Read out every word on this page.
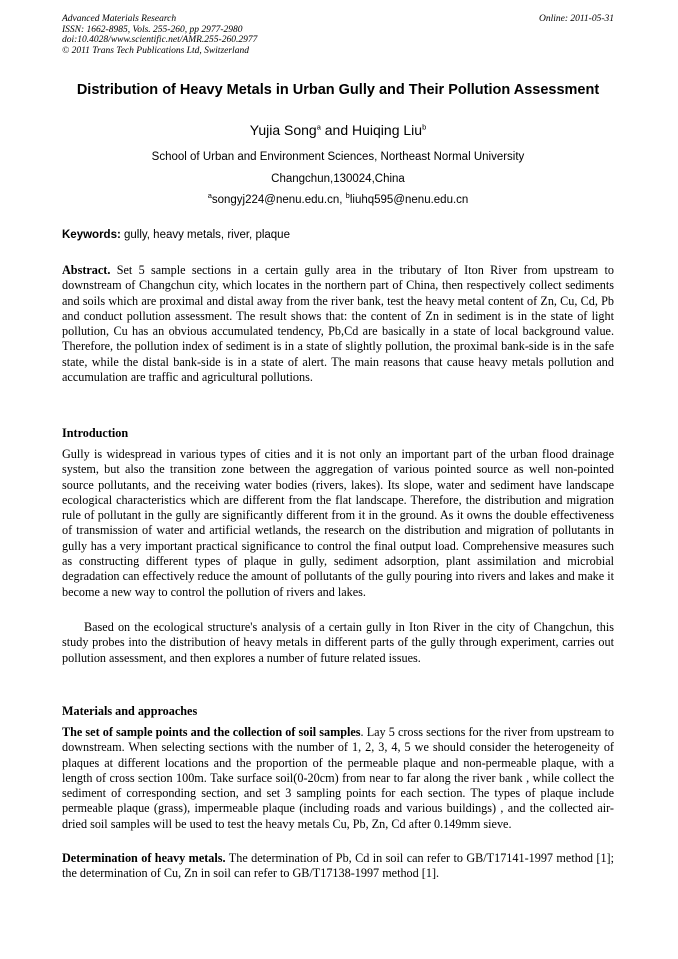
Advanced Materials Research
ISSN: 1662-8985, Vols. 255-260, pp 2977-2980
doi:10.4028/www.scientific.net/AMR.255-260.2977
© 2011 Trans Tech Publications Ltd, Switzerland
Online: 2011-05-31
Distribution of Heavy Metals in Urban Gully and Their Pollution Assessment
Yujia Song$^a$ and Huiqing Liu$^b$
School of Urban and Environment Sciences, Northeast Normal University
Changchun,130024,China
$^a$songyj224@nenu.edu.cn, $^b$liuhq595@nenu.edu.cn
Keywords: gully, heavy metals, river, plaque
Abstract. Set 5 sample sections in a certain gully area in the tributary of Iton River from upstream to downstream of Changchun city, which locates in the northern part of China, then respectively collect sediments and soils which are proximal and distal away from the river bank, test the heavy metal content of Zn, Cu, Cd, Pb and conduct pollution assessment. The result shows that: the content of Zn in sediment is in the state of light pollution, Cu has an obvious accumulated tendency, Pb,Cd are basically in a state of local background value. Therefore, the pollution index of sediment is in a state of slightly pollution, the proximal bank-side is in the safe state, while the distal bank-side is in a state of alert. The main reasons that cause heavy metals pollution and accumulation are traffic and agricultural pollutions.
Introduction
Gully is widespread in various types of cities and it is not only an important part of the urban flood drainage system, but also the transition zone between the aggregation of various pointed source as well non-pointed source pollutants, and the receiving water bodies (rivers, lakes). Its slope, water and sediment have landscape ecological characteristics which are different from the flat landscape. Therefore, the distribution and migration rule of pollutant in the gully are significantly different from it in the ground. As it owns the double effectiveness of transmission of water and artificial wetlands, the research on the distribution and migration of pollutants in gully has a very important practical significance to control the final output load. Comprehensive measures such as constructing different types of plaque in gully, sediment adsorption, plant assimilation and microbial degradation can effectively reduce the amount of pollutants of the gully pouring into rivers and lakes and make it become a new way to control the pollution of rivers and lakes.
Based on the ecological structure's analysis of a certain gully in Iton River in the city of Changchun, this study probes into the distribution of heavy metals in different parts of the gully through experiment, carries out pollution assessment, and then explores a number of future related issues.
Materials and approaches
The set of sample points and the collection of soil samples. Lay 5 cross sections for the river from upstream to downstream. When selecting sections with the number of 1, 2, 3, 4, 5 we should consider the heterogeneity of plaques at different locations and the proportion of the permeable plaque and non-permeable plaque, with a length of cross section 100m. Take surface soil(0-20cm) from near to far along the river bank , while collect the sediment of corresponding section, and set 3 sampling points for each section. The types of plaque include permeable plaque (grass), impermeable plaque (including roads and various buildings) , and the collected air-dried soil samples will be used to test the heavy metals Cu, Pb, Zn, Cd after 0.149mm sieve.
Determination of heavy metals. The determination of Pb, Cd in soil can refer to GB/T17141-1997 method [1]; the determination of Cu, Zn in soil can refer to GB/T17138-1997 method [1].
